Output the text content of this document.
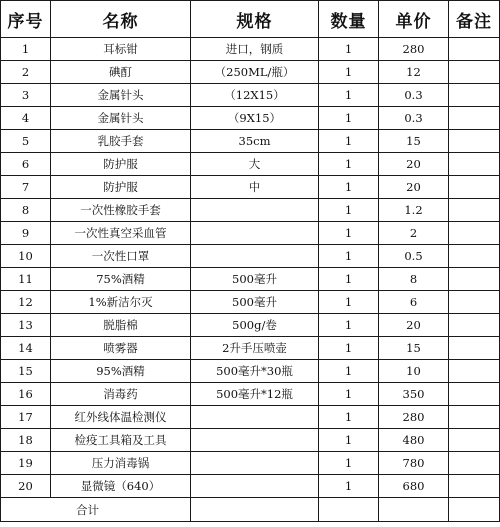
序号	名称	规格	数量	单价	备注
1	耳标钳	进口，钢质	1	280	
2	碘酊	（250ML/瓶）	1	12	
3	金属针头	（12X15）	1	0.3	
4	金属针头	（9X15）	1	0.3	
5	乳胶手套	35cm	1	15	
6	防护服	大	1	20	
7	防护服	中	1	20	
8	一次性橡胶手套		1	1.2	
9	一次性真空采血管		1	2	
10	一次性口罩		1	0.5	
11	75%酒精	500毫升	1	8	
12	1%新洁尔灭	500毫升	1	6	
13	脱脂棉	500g/卷	1	20	
14	喷雾器	2升手压喷壶	1	15	
15	95%酒精	500毫升*30瓶	1	10	
16	消毒药	500毫升*12瓶	1	350	
17	红外线体温检测仪		1	280	
18	检疫工具箱及工具		1	480	
19	压力消毒锅		1	780	
20	显微镜（640）		1	680	
合计					
